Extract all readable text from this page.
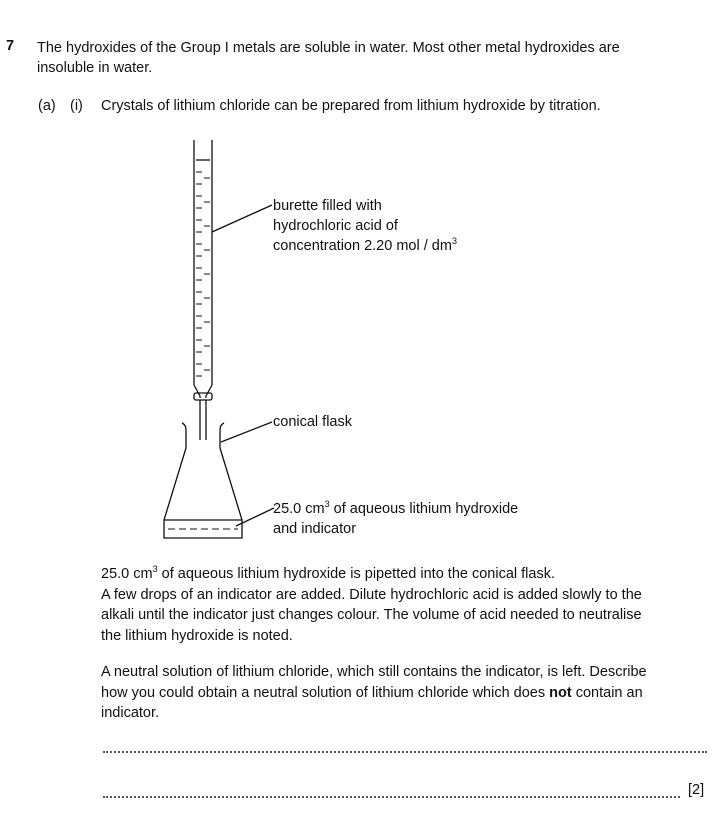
7 The hydroxides of the Group I metals are soluble in water. Most other metal hydroxides are
insoluble in water.
(a) (i) Crystals of lithium chloride can be prepared from lithium hydroxide by titration.
burette filled with
hydrochloric acid of
concentration 2.20 mol / $dm^3$
conical flask
25.0 $cm^3$ of aqueous lithium hydroxide
and indicator
25.0 $cm^3$ of aqueous lithium hydroxide is pipetted into the conical flask.
A few drops of an indicator are added. Dilute hydrochloric acid is added slowly to the
alkali until the indicator just changes colour. The volume of acid needed to neutralise
the lithium hydroxide is noted.
A neutral solution of lithium chloride, which still contains the indicator, is left. Describe
how you could obtain a neutral solution of lithium chloride which does not contain an
indicator.
[2]
